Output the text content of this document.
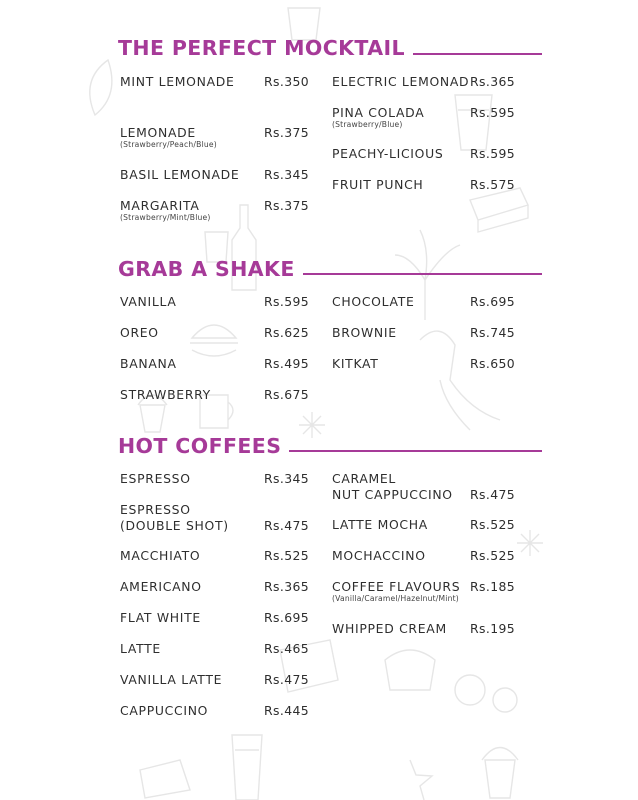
THE PERFECT MOCKTAIL
MINT LEMONADE Rs.350
LEMONADE
(Strawberry/Peach/Blue)
Rs.375
BASIL LEMONADE Rs.345
MARGARITA
(Strawberry/Mint/Blue)
Rs.375
ELECTRIC LEMONAD Rs.365
PINA COLADA
(Strawberry/Blue)
Rs.595
PEACHY-LICIOUS Rs.595
FRUIT PUNCH	Rs.575
GRAB A SHAKE
VANILLA	Rs.595
OREO	Rs.625
BANANA	Rs.495
STRAWBERRY	Rs.675
CHOCOLATE	Rs.695
BROWNIE	Rs.745
KITKAT	Rs.650
HOT COFFEES
ESPRESSO	Rs.345
ESPRESSO
(DOUBLE SHOT)	Rs.475
MACCHIATO	Rs.525
AMERICANO	Rs.365
FLAT WHITE	Rs.695
LATTE	Rs.465
VANILLA LATTE	Rs.475
CAPPUCCINO	Rs.445
CARAMEL
NUT CAPPUCCINO Rs.475
LATTE MOCHA	Rs.525
MOCHACCINO	Rs.525
COFFEE FLAVOURS
(Vanilla/Caramel/Hazelnut/Mint)
Rs.185
WHIPPED CREAM Rs.195
